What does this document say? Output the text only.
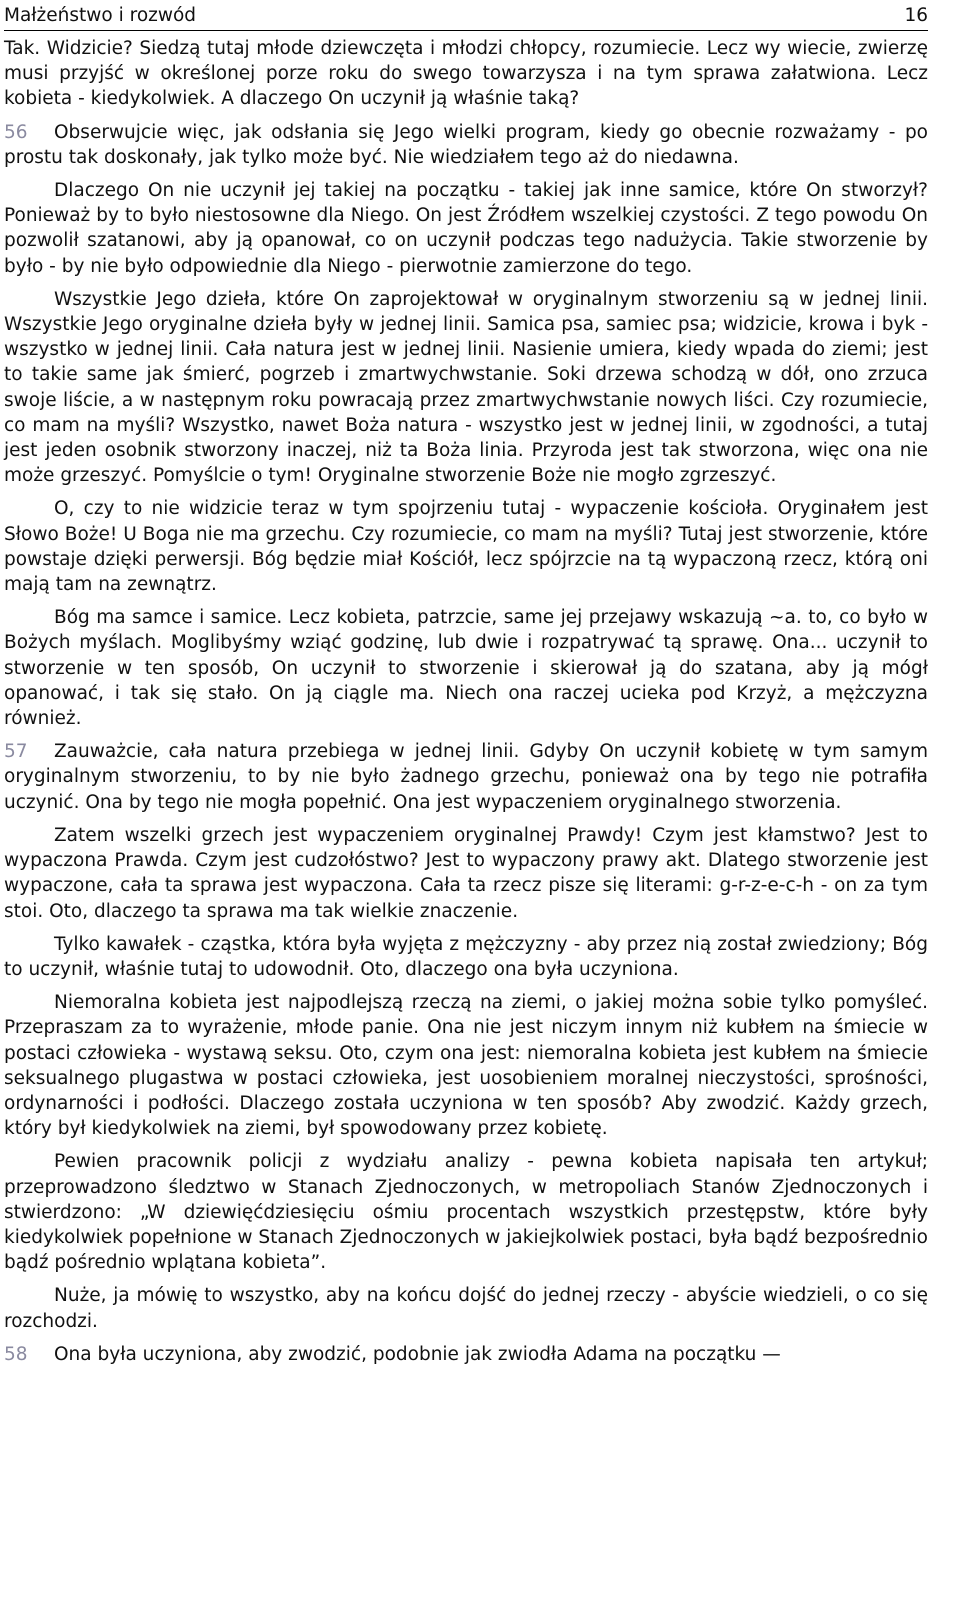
Małżeństwo i rozwód	16

Tak. Widzicie? Siedzą tutaj młode dziewczęta i młodzi chłopcy, rozumiecie. Lecz wy wiecie, zwierzę musi przyjść w określonej porze roku do swego towarzysza i na tym sprawa załatwiona. Lecz kobieta - kiedykolwiek. A dlaczego On uczynił ją właśnie taką?

56 Obserwujcie więc, jak odsłania się Jego wielki program, kiedy go obecnie rozważamy - po prostu tak doskonały, jak tylko może być. Nie wiedziałem tego aż do niedawna.

Dlaczego On nie uczynił jej takiej na początku - takiej jak inne samice, które On stworzył? Ponieważ by to było niestosowne dla Niego. On jest Źródłem wszelkiej czystości. Z tego powodu On pozwolił szatanowi, aby ją opanował, co on uczynił podczas tego nadużycia. Takie stworzenie by było - by nie było odpowiednie dla Niego - pierwotnie zamierzone do tego.

Wszystkie Jego dzieła, które On zaprojektował w oryginalnym stworzeniu są w jednej linii. Wszystkie Jego oryginalne dzieła były w jednej linii. Samica psa, samiec psa; widzicie, krowa i byk - wszystko w jednej linii. Cała natura jest w jednej linii. Nasienie umiera, kiedy wpada do ziemi; jest to takie same jak śmierć, pogrzeb i zmartwychwstanie. Soki drzewa schodzą w dół, ono zrzuca swoje liście, a w następnym roku powracają przez zmartwychwstanie nowych liści. Czy rozumiecie, co mam na myśli? Wszystko, nawet Boża natura - wszystko jest w jednej linii, w zgodności, a tutaj jest jeden osobnik stworzony inaczej, niż ta Boża linia. Przyroda jest tak stworzona, więc ona nie może grzeszyć. Pomyślcie o tym! Oryginalne stworzenie Boże nie mogło zgrzeszyć.

O, czy to nie widzicie teraz w tym spojrzeniu tutaj - wypaczenie kościoła. Oryginałem jest Słowo Boże! U Boga nie ma grzechu. Czy rozumiecie, co mam na myśli? Tutaj jest stworzenie, które powstaje dzięki perwersji. Bóg będzie miał Kościół, lecz spójrzcie na tą wypaczoną rzecz, którą oni mają tam na zewnątrz.

Bóg ma samce i samice. Lecz kobieta, patrzcie, same jej przejawy wskazują ~a. to, co było w Bożych myślach. Moglibyśmy wziąć godzinę, lub dwie i rozpatrywać tą sprawę. Ona... uczynił to stworzenie w ten sposób, On uczynił to stworzenie i skierował ją do szatana, aby ją mógł opanować, i tak się stało. On ją ciągle ma. Niech ona raczej ucieka pod Krzyż, a mężczyzna również.

57 Zauważcie, cała natura przebiega w jednej linii. Gdyby On uczynił kobietę w tym samym oryginalnym stworzeniu, to by nie było żadnego grzechu, ponieważ ona by tego nie potrafiła uczynić. Ona by tego nie mogła popełnić. Ona jest wypaczeniem oryginalnego stworzenia.

Zatem wszelki grzech jest wypaczeniem oryginalnej Prawdy! Czym jest kłamstwo? Jest to wypaczona Prawda. Czym jest cudzołóstwo? Jest to wypaczony prawy akt. Dlatego stworzenie jest wypaczone, cała ta sprawa jest wypaczona. Cała ta rzecz pisze się literami: g-r-z-e-c-h - on za tym stoi. Oto, dlaczego ta sprawa ma tak wielkie znaczenie.

Tylko kawałek - cząstka, która była wyjęta z mężczyzny - aby przez nią został zwiedziony; Bóg to uczynił, właśnie tutaj to udowodnił. Oto, dlaczego ona była uczyniona.

Niemoralna kobieta jest najpodlejszą rzeczą na ziemi, o jakiej można sobie tylko pomyśleć. Przepraszam za to wyrażenie, młode panie. Ona nie jest niczym innym niż kubłem na śmiecie w postaci człowieka - wystawą seksu. Oto, czym ona jest: niemoralna kobieta jest kubłem na śmiecie seksualnego plugastwa w postaci człowieka, jest uosobieniem moralnej nieczystości, sprośności, ordynarności i podłości. Dlaczego została uczyniona w ten sposób? Aby zwodzić. Każdy grzech, który był kiedykolwiek na ziemi, był spowodowany przez kobietę.

Pewien pracownik policji z wydziału analizy - pewna kobieta napisała ten artykuł; przeprowadzono śledztwo w Stanach Zjednoczonych, w metropoliach Stanów Zjednoczonych i stwierdzono: „W dziewięćdziesięciu ośmiu procentach wszystkich przestępstw, które były kiedykolwiek popełnione w Stanach Zjednoczonych w jakiejkolwiek postaci, była bądź bezpośrednio bądź pośrednio wplątana kobieta”.

Nuże, ja mówię to wszystko, aby na końcu dojść do jednej rzeczy - abyście wiedzieli, o co się rozchodzi.

58 Ona była uczyniona, aby zwodzić, podobnie jak zwiodła Adama na początku —
